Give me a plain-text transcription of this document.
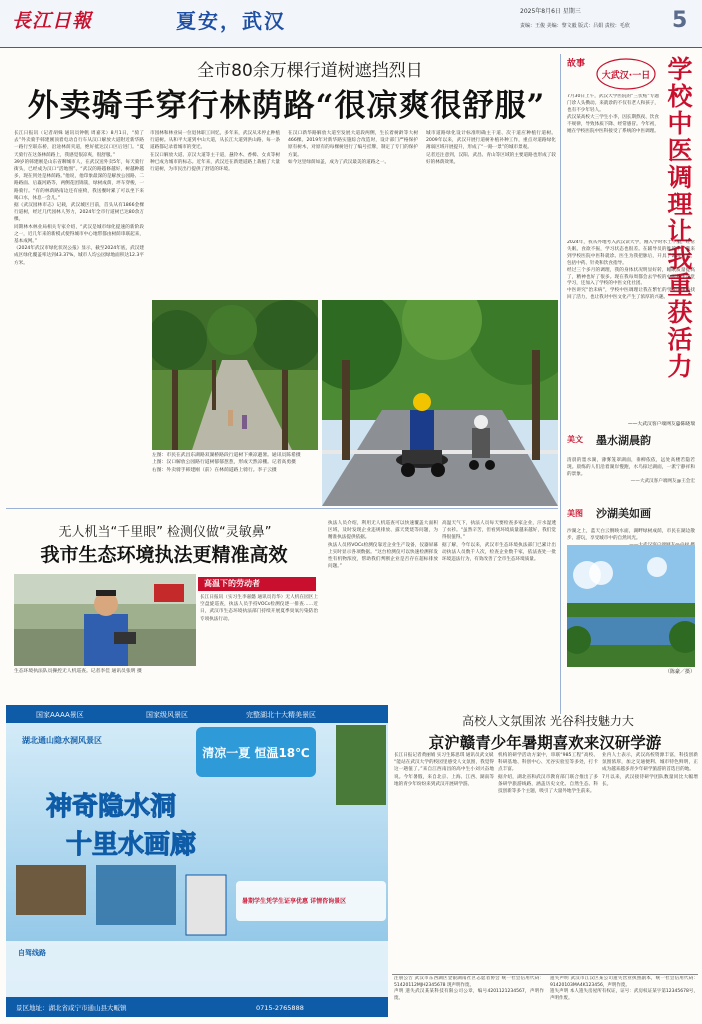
長江日報	夏安，武汉	2025年8月6日 星期三
责编：王俊 美编：黎文毅 版式：吕娟 责校：毛欣 5
全市80余万棵行道树遮挡烈日
外卖骑手穿行林荫路“很凉爽很舒服”
长江日报讯（记者胡姝 通讯员钟帆 周嘉禾）8月1日，“骑了去”外卖骑手韩建刚顶着电动自行车从汉口解放大道附近新华路一路行至联东桥，沿途林荫夹道，绝好抵达汉口区后进门。“夏天骑行在这条林荫路上，我感觉很凉爽，很舒服。”
39岁的韩建刚是山东省聊城市人，在武汉送外卖5年，每天骑行街头，已经成为汉口“活地图”。“武汉的路越修越好，树越种越多，现在到处是林荫路。”他说，他印象最深的是解放公园路、二路路面、后襄河路等，两侧花团锦簇，绿树成荫，坪车穿梭，一路骑行。“有的林荫路南边还有座椅，我送餐时累了可以坐下来喝口水，休息一会儿。”
据《武汉园林市志》记载，武汉城区目前，首头从有1866金棵行道树，经过几代园林人努力，2024年全市行道树已达80余万棵。
同期林木林业局相关专家介绍，“武汉是城市绿化提速的新阶段之一，近几年来的新模式使得城市中心地带都由树荫串联起来，基本成网。”
《2024年武汉市绿化状况公报》显示，截至2024年底，武汉建成区绿化覆盖率达到43.37%，城市人均公园绿地面积达12.3平方米。
市园林和林业局一位退休职工回忆，多年来，武汉从未停止种植行道树。从和平大道到中山大道，从长江大道到洪山路，每一条道路都记录着城市的变迁。
在汉口解放大道、京汉大道等主干道，悬铃木、香樟、女贞等树种已成为城市的标志。近年来，武汉还在新建道路上栽植了大量行道树，为市民出行提供了舒适的环境。
在汉口新华路解放大道至发展大道段两侧，生长着树龄等大树466棵。2019年对新华路实施综合改造时，设计部门严格保护原有树木，对原有的每棵树进行了编号挂牌，制定了专门的保护方案。
如今这里绿荫如盖，成为了武汉最美的道路之一。
城市道路绿化设计标准明确主干道、次干道应种植行道树。2009年以来，武汉开展行道树补植补种工作，重点对道路绿化薄弱区域开展提升，形成了“一路一景”的城市景观。
记者还注意到，汉阳、武昌、青山等区域的主要道路也形成了较好的林荫效果。
左图：市民在武昌东湖路双湖桥路段行道树下乘凉避暑。通讯员陈希摄
上图：汉口解放公园路行道树郁郁葱葱，形成天然凉棚。记者高勇摄
右图：外卖骑手韩建刚（前）在林荫道路上骑行。李子云摄
故事
大武汉·一日 学校中医调理让我重获活力
7月30日上午，武汉大学医院的“三伏贴”专题门诊人头攒动。来就诊的不仅有老人和孩子，也有不少年轻人。
武汉某高校大三学生小李，因长期熬夜、饮食不规律，导致体质下降、经常感冒。今年初，她在学校医院中医科接受了系统的中医调理。
2024年，我从外地考入武汉读大学，刚入学时水土不服，经常失眠、食欲不振，学习状态也很差。在辅导员的推荐下，我来到学校医院中医科就诊。医生为我把脉后，开具了调理方案，包括中药、针灸和饮食指导。
经过三个多月的调理，我的身体状况明显好转，睡眠质量提高了，精神也好了很多。现在我每周都会去学校的中医养生课堂学习，还加入了学校的中医文化社团。
中医讲究“治未病”，学校中医调理让我在繁忙的学业中重新找回了活力，也让我对中医文化产生了浓厚的兴趣。
——大武汉客户端网友@陈晓瑞
美文 墨水湖晨韵

清晨的墨水湖，薄雾笼罩湖面，垂柳依依，远处高楼若隐若现。晨练的人们沿着湖岸慢跑，水鸟掠过湖面，一派宁静祥和的景象。

——大武汉客户端网友@王会宏

美图 沙湖美如画

沙湖之上，蓝天白云倒映水面，湖畔绿树成荫，市民在湖边散步、游玩，享受城市中的自然风光。

（陈豪／摄）
无人机当“千里眼” 检测仪做“灵敏鼻”
我市生态环境执法更精准高效
生态环境执法队员操控无人机巡查。记者李佳 通讯员张明 摄
高温下的劳动者
长江日报讯（实习生李嘉懿 通讯员肖华）无人机在园区上空盘旋巡查，执法人员手持VOCs检测仪逐一排查……近日，武汉市生态环境执法部门持续开展夏季臭氧污染防治专项执法行动。
执法人员介绍，利用无人机巡查可以快速覆盖大面积区域，及时发现企业违规排放、露天焚烧等问题，为精准执法提供依据。
执法人员将VOCs检测仪靠近企业生产设备，仪器屏幕上实时显示各项数据。“这台检测仪可以快速检测挥发性有机物浓度，帮助我们判断企业是否存在超标排放问题。”
高温天气下，执法人员每天要检查多家企业，汗水湿透了衣衫。“虽然辛苦，但看到环境质量越来越好，我们觉得很值得。”
据了解，今年以来，武汉市生态环境执法部门已累计出动执法人员数千人次，检查企业数千家，依法查处一批环境违法行为，有效改善了全市生态环境质量。
国家AAAA景区	国家级风景区	完整湖北十大精美景区
湖北通山隐水洞风景区
清凉一夏 恒温18℃
神奇隐水洞
十里水画廊
暑期学生凭学生证享优惠 详情咨询景区
自驾线路
景区地址：湖北省咸宁市通山县大畈镇	0715-2765888
高校人文氛围浓 光谷科技魅力大
京沪赣青少年暑期喜欢来汉研学游
长江日报记者黄丽娟 实习生陈思琪 通讯员武文斌
“能站在武汉大学的校园里感受人文氛围，我觉得这一趟值了。”来自江西南昌的高中生小刘兴奋地说。今年暑假，来自北京、上海、江西、湖南等地的青少年纷纷来到武汉开展研学游。
机构的研学活动方案中，串联“985工程”高校、科研基地、科创中心、光谷实验室等多处，打卡点丰富。
据介绍，湖北省和武汉市教育部门联合推出了多条研学旅游线路，涵盖历史文化、自然生态、科技创新等多个主题，吸引了大量外地学生前来。
业内人士表示，武汉高校资源丰富，科技创新氛围浓厚，加之交通便利、城市特色鲜明，正成为越来越多青少年研学旅游的首选目的地。
7月以来，武汉接待研学团队数量同比大幅增长。
注册公告 武汉市东西湖区金银湖南社区志愿者协会 统一社会信用代码：51420112MJH2345678 现声明作废。
声明 遗失武汉某某科技有限公司公章，编号4201121234567，声明作废。
遗失声明 武汉市江汉区某公司遗失营业执照副本，统一社会信用代码：91420103MA4K123456，声明作废。
遗失声明 本人遗失房屋所有权证，证号：武房权证某字第12345678号，声明作废。
